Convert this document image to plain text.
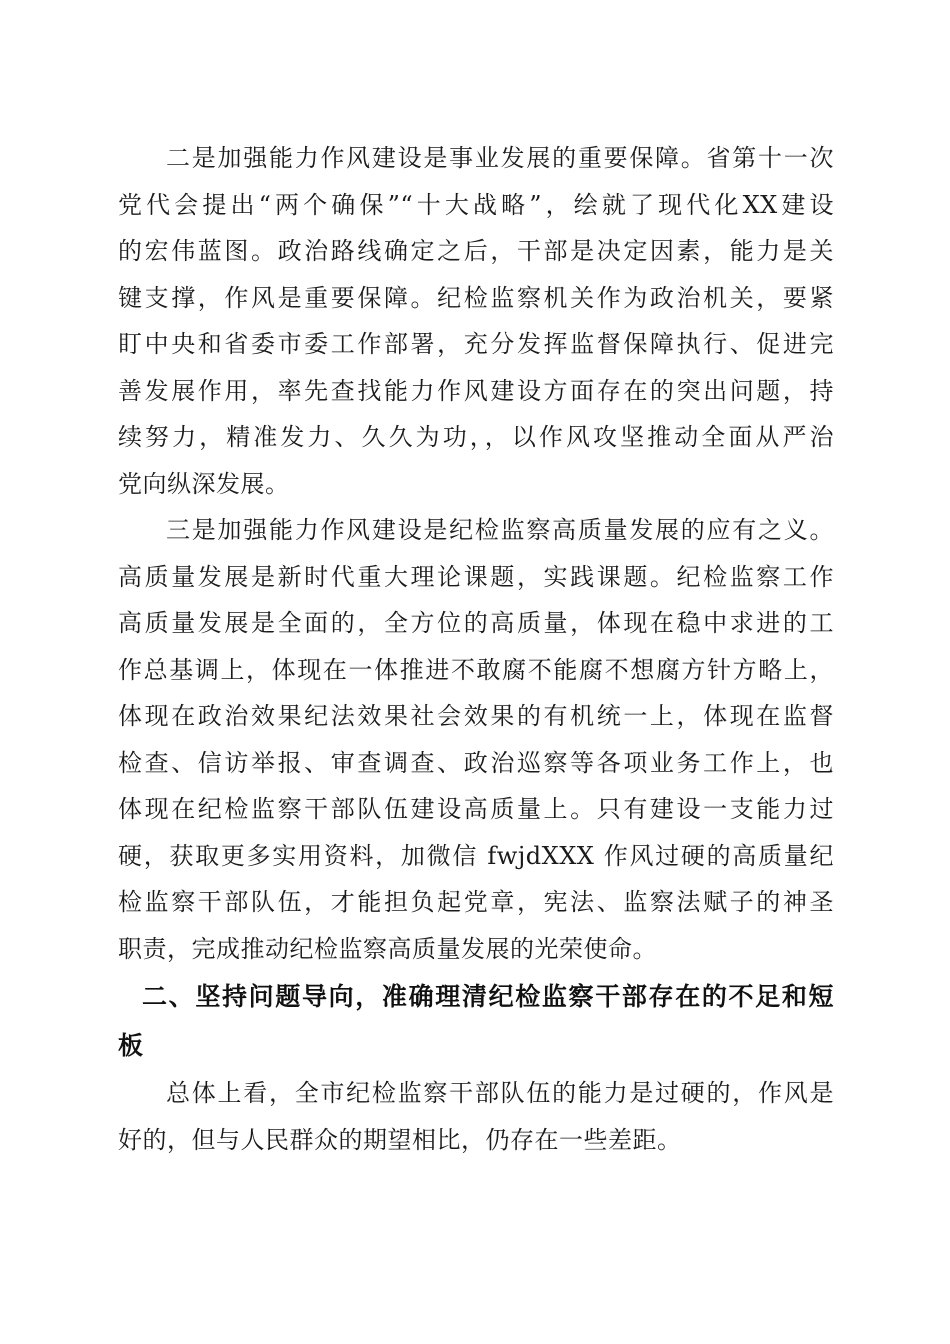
二是加强能力作风建设是事业发展的重要保障。省第十一次
党代会提出“两个确保”“十大战略”，绘就了现代化XX建设
的宏伟蓝图。政治路线确定之后，干部是决定因素，能力是关
键支撑，作风是重要保障。纪检监察机关作为政治机关，要紧
盯中央和省委市委工作部署，充分发挥监督保障执行、促进完
善发展作用，率先查找能力作风建设方面存在的突出问题，持
续努力，精准发力、久久为功，，以作风攻坚推动全面从严治
党向纵深发展。
三是加强能力作风建设是纪检监察高质量发展的应有之义。
高质量发展是新时代重大理论课题，实践课题。纪检监察工作
高质量发展是全面的，全方位的高质量，体现在稳中求进的工
作总基调上，体现在一体推进不敢腐不能腐不想腐方针方略上，
体现在政治效果纪法效果社会效果的有机统一上，体现在监督
检查、信访举报、审查调查、政治巡察等各项业务工作上，也
体现在纪检监察干部队伍建设高质量上。只有建设一支能力过
硬，获取更多实用资料，加微信 fwjdXXX 作风过硬的高质量纪
检监察干部队伍，才能担负起党章，宪法、监察法赋子的神圣
职责，完成推动纪检监察高质量发展的光荣使命。
二、坚持问题导向，准确理清纪检监察干部存在的不足和短
板
总体上看，全市纪检监察干部队伍的能力是过硬的，作风是
好的，但与人民群众的期望相比，仍存在一些差距。
